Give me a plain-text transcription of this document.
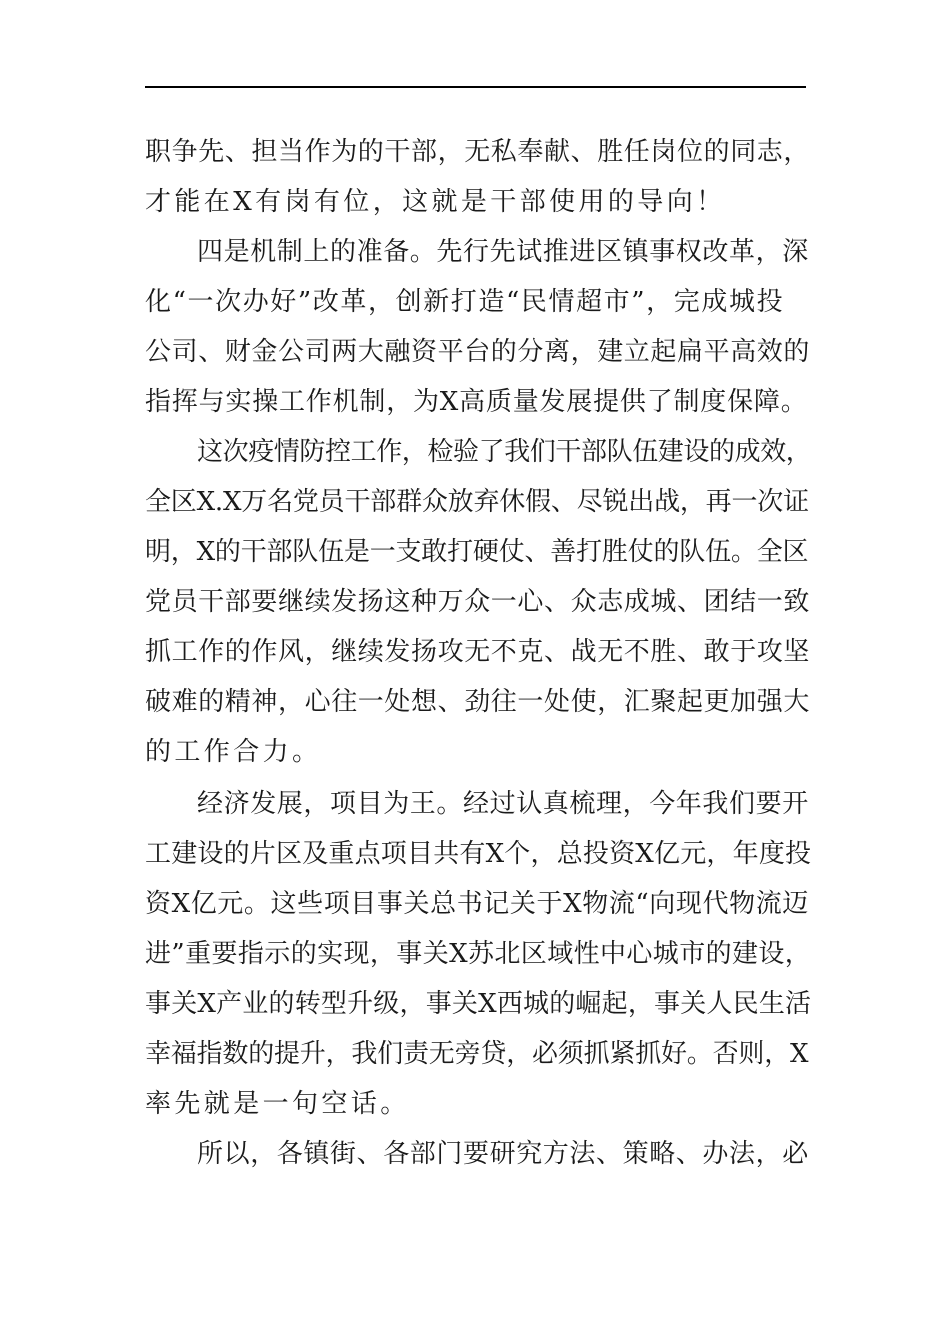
职争先、担当作为的干部，无私奉献、胜任岗位的同志，
才能在X有岗有位，这就是干部使用的导向！
四是机制上的准备。先行先试推进区镇事权改革，深
化“一次办好”改革，创新打造“民情超市”，完成城投
公司、财金公司两大融资平台的分离，建立起扁平高效的
指挥与实操工作机制，为X高质量发展提供了制度保障。
这次疫情防控工作，检验了我们干部队伍建设的成效，
全区X.X万名党员干部群众放弃休假、尽锐出战，再一次证
明，X的干部队伍是一支敢打硬仗、善打胜仗的队伍。全区
党员干部要继续发扬这种万众一心、众志成城、团结一致
抓工作的作风，继续发扬攻无不克、战无不胜、敢于攻坚
破难的精神，心往一处想、劲往一处使，汇聚起更加强大
的工作合力。
经济发展，项目为王。经过认真梳理，今年我们要开
工建设的片区及重点项目共有X个，总投资X亿元，年度投
资X亿元。这些项目事关总书记关于X物流“向现代物流迈
进”重要指示的实现，事关X苏北区域性中心城市的建设，
事关X产业的转型升级，事关X西城的崛起，事关人民生活
幸福指数的提升，我们责无旁贷，必须抓紧抓好。否则，X
率先就是一句空话。
所以，各镇街、各部门要研究方法、策略、办法，必
